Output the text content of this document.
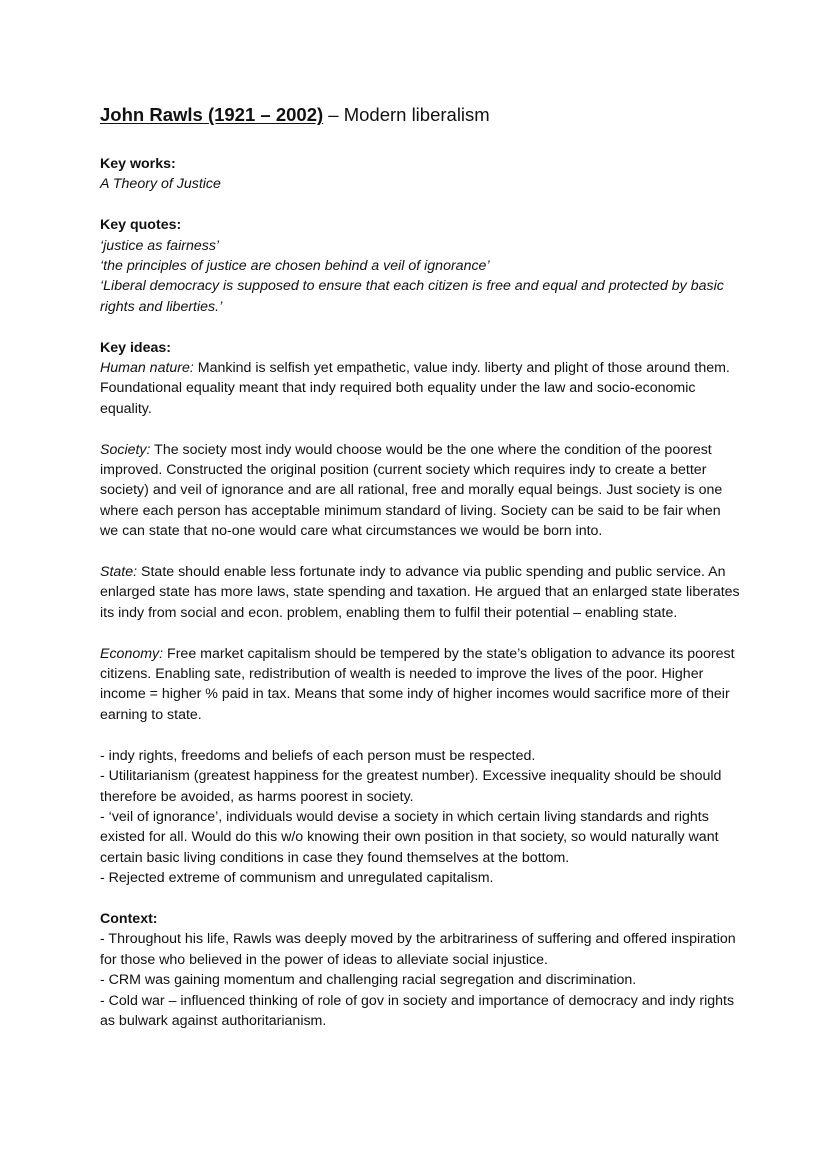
John Rawls (1921 – 2002) – Modern liberalism

Key works:

A Theory of Justice

Key quotes:

‘justice as fairness’

‘the principles of justice are chosen behind a veil of ignorance’

‘Liberal democracy is supposed to ensure that each citizen is free and equal and protected by basic rights and liberties.’

Key ideas:

Human nature: Mankind is selfish yet empathetic, value indy. liberty and plight of those around them. Foundational equality meant that indy required both equality under the law and socio-economic equality.

Society: The society most indy would choose would be the one where the condition of the poorest improved. Constructed the original position (current society which requires indy to create a better society) and veil of ignorance and are all rational, free and morally equal beings. Just society is one where each person has acceptable minimum standard of living. Society can be said to be fair when we can state that no-one would care what circumstances we would be born into.

State: State should enable less fortunate indy to advance via public spending and public service. An enlarged state has more laws, state spending and taxation. He argued that an enlarged state liberates its indy from social and econ. problem, enabling them to fulfil their potential – enabling state.

Economy: Free market capitalism should be tempered by the state’s obligation to advance its poorest citizens. Enabling sate, redistribution of wealth is needed to improve the lives of the poor. Higher income = higher % paid in tax. Means that some indy of higher incomes would sacrifice more of their earning to state.

- indy rights, freedoms and beliefs of each person must be respected.

- Utilitarianism (greatest happiness for the greatest number). Excessive inequality should be should therefore be avoided, as harms poorest in society.

- ‘veil of ignorance’, individuals would devise a society in which certain living standards and rights existed for all. Would do this w/o knowing their own position in that society, so would naturally want certain basic living conditions in case they found themselves at the bottom.

- Rejected extreme of communism and unregulated capitalism.

Context:

- Throughout his life, Rawls was deeply moved by the arbitrariness of suffering and offered inspiration for those who believed in the power of ideas to alleviate social injustice.

- CRM was gaining momentum and challenging racial segregation and discrimination.

- Cold war – influenced thinking of role of gov in society and importance of democracy and indy rights as bulwark against authoritarianism.
